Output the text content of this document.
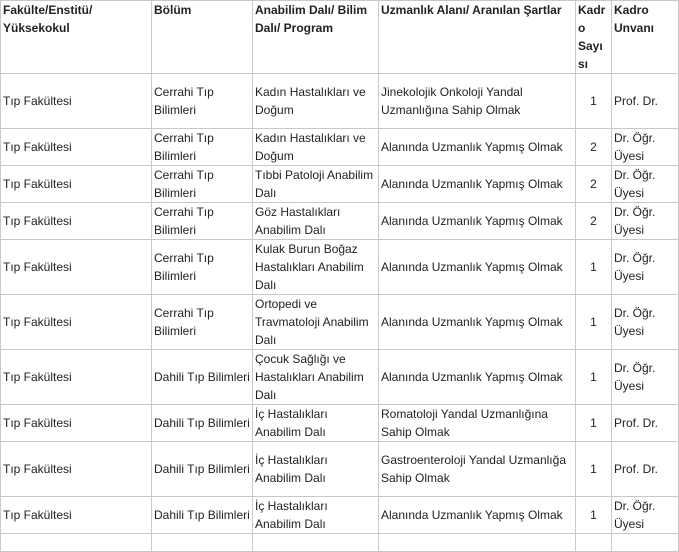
Fakülte/Enstitü/ Yüksekokul	Bölüm	Anabilim Dalı/ Bilim Dalı/ Program	Uzmanlık Alanı/ Aranılan Şartlar	Kadro Sayısı	Kadro Unvanı
Tıp Fakültesi	Cerrahi Tıp Bilimleri	Kadın Hastalıkları ve Doğum	Jinekolojik Onkoloji Yandal Uzmanlığına Sahip Olmak	1	Prof. Dr.
Tıp Fakültesi	Cerrahi Tıp Bilimleri	Kadın Hastalıkları ve Doğum	Alanında Uzmanlık Yapmış Olmak	2	Dr. Öğr. Üyesi
Tıp Fakültesi	Cerrahi Tıp Bilimleri	Tıbbi Patoloji Anabilim Dalı	Alanında Uzmanlık Yapmış Olmak	2	Dr. Öğr. Üyesi
Tıp Fakültesi	Cerrahi Tıp Bilimleri	Göz Hastalıkları Anabilim Dalı	Alanında Uzmanlık Yapmış Olmak	2	Dr. Öğr. Üyesi
Tıp Fakültesi	Cerrahi Tıp Bilimleri	Kulak Burun Boğaz Hastalıkları Anabilim Dalı	Alanında Uzmanlık Yapmış Olmak	1	Dr. Öğr. Üyesi
Tıp Fakültesi	Cerrahi Tıp Bilimleri	Ortopedi ve Travmatoloji Anabilim Dalı	Alanında Uzmanlık Yapmış Olmak	1	Dr. Öğr. Üyesi
Tıp Fakültesi	Dahili Tıp Bilimleri	Çocuk Sağlığı ve Hastalıkları Anabilim Dalı	Alanında Uzmanlık Yapmış Olmak	1	Dr. Öğr. Üyesi
Tıp Fakültesi	Dahili Tıp Bilimleri	İç Hastalıkları Anabilim Dalı	Romatoloji Yandal Uzmanlığına Sahip Olmak	1	Prof. Dr.
Tıp Fakültesi	Dahili Tıp Bilimleri	İç Hastalıkları Anabilim Dalı	Gastroenteroloji Yandal Uzmanlığa Sahip Olmak	1	Prof. Dr.
Tıp Fakültesi	Dahili Tıp Bilimleri	İç Hastalıkları Anabilim Dalı	Alanında Uzmanlık Yapmış Olmak	1	Dr. Öğr. Üyesi
